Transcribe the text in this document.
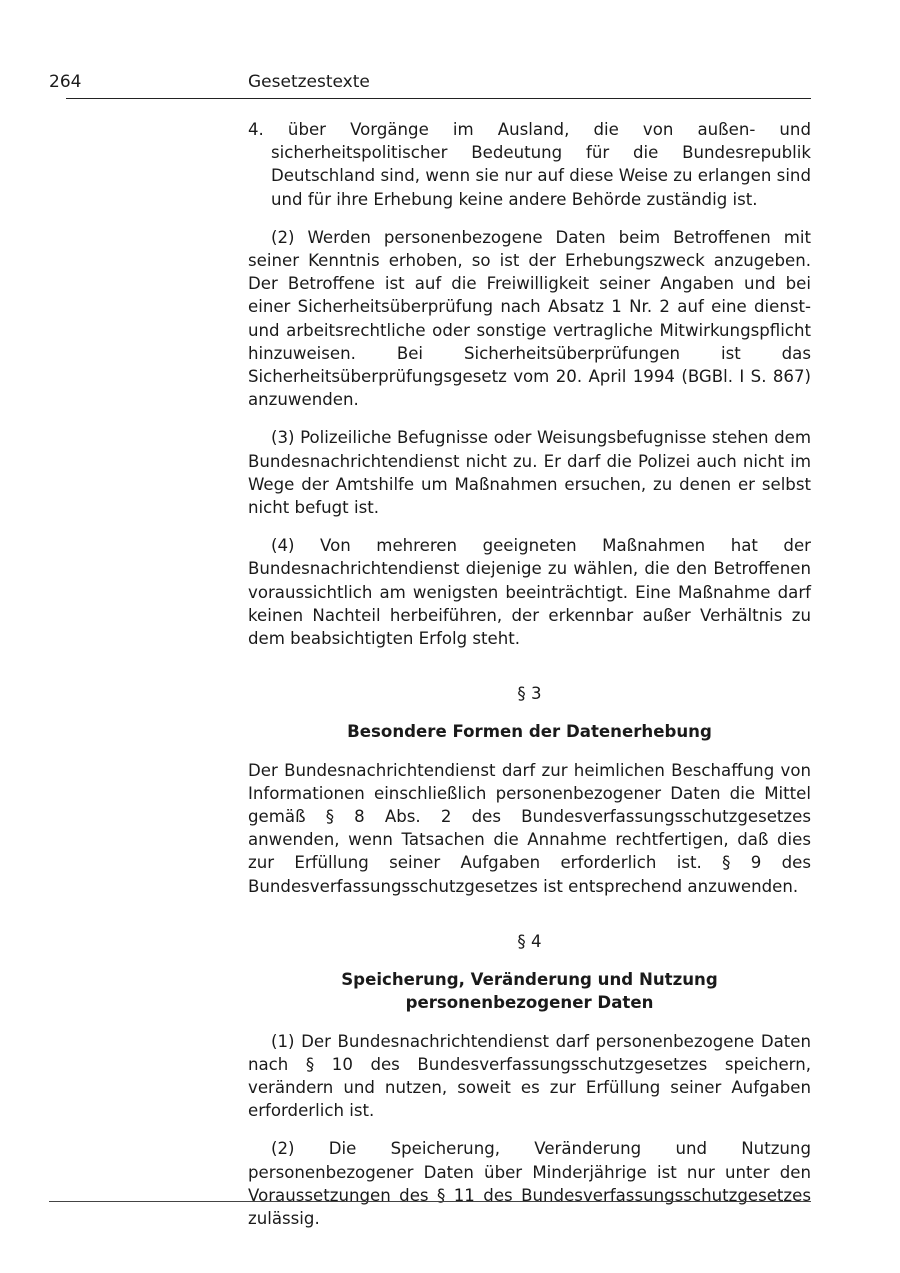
264	Gesetzestexte

4. über Vorgänge im Ausland, die von außen- und sicherheitspolitischer Bedeutung für die Bundesrepublik Deutschland sind, wenn sie nur auf diese Weise zu erlangen sind und für ihre Erhebung keine andere Behörde zuständig ist.

(2) Werden personenbezogene Daten beim Betroffenen mit seiner Kenntnis erhoben, so ist der Erhebungszweck anzugeben. Der Betroffene ist auf die Freiwilligkeit seiner Angaben und bei einer Sicherheitsüberprüfung nach Absatz 1 Nr. 2 auf eine dienst- und arbeitsrechtliche oder sonstige vertragliche Mitwirkungspflicht hinzuweisen. Bei Sicherheitsüberprüfungen ist das Sicherheitsüberprüfungsgesetz vom 20. April 1994 (BGBl. I S. 867) anzuwenden.

(3) Polizeiliche Befugnisse oder Weisungsbefugnisse stehen dem Bundesnachrichtendienst nicht zu. Er darf die Polizei auch nicht im Wege der Amtshilfe um Maßnahmen ersuchen, zu denen er selbst nicht befugt ist.

(4) Von mehreren geeigneten Maßnahmen hat der Bundesnachrichtendienst diejenige zu wählen, die den Betroffenen voraussichtlich am wenigsten beeinträchtigt. Eine Maßnahme darf keinen Nachteil herbeiführen, der erkennbar außer Verhältnis zu dem beabsichtigten Erfolg steht.

§ 3

Besondere Formen der Datenerhebung

Der Bundesnachrichtendienst darf zur heimlichen Beschaffung von Informationen einschließlich personenbezogener Daten die Mittel gemäß § 8 Abs. 2 des Bundesverfassungsschutzgesetzes anwenden, wenn Tatsachen die Annahme rechtfertigen, daß dies zur Erfüllung seiner Aufgaben erforderlich ist. § 9 des Bundesverfassungsschutzgesetzes ist entsprechend anzuwenden.

§ 4

Speicherung, Veränderung und Nutzung
personenbezogener Daten

(1) Der Bundesnachrichtendienst darf personenbezogene Daten nach § 10 des Bundesverfassungsschutzgesetzes speichern, verändern und nutzen, soweit es zur Erfüllung seiner Aufgaben erforderlich ist.

(2) Die Speicherung, Veränderung und Nutzung personenbezogener Daten über Minderjährige ist nur unter den Voraussetzungen des § 11 des Bundesverfassungsschutzgesetzes zulässig.
